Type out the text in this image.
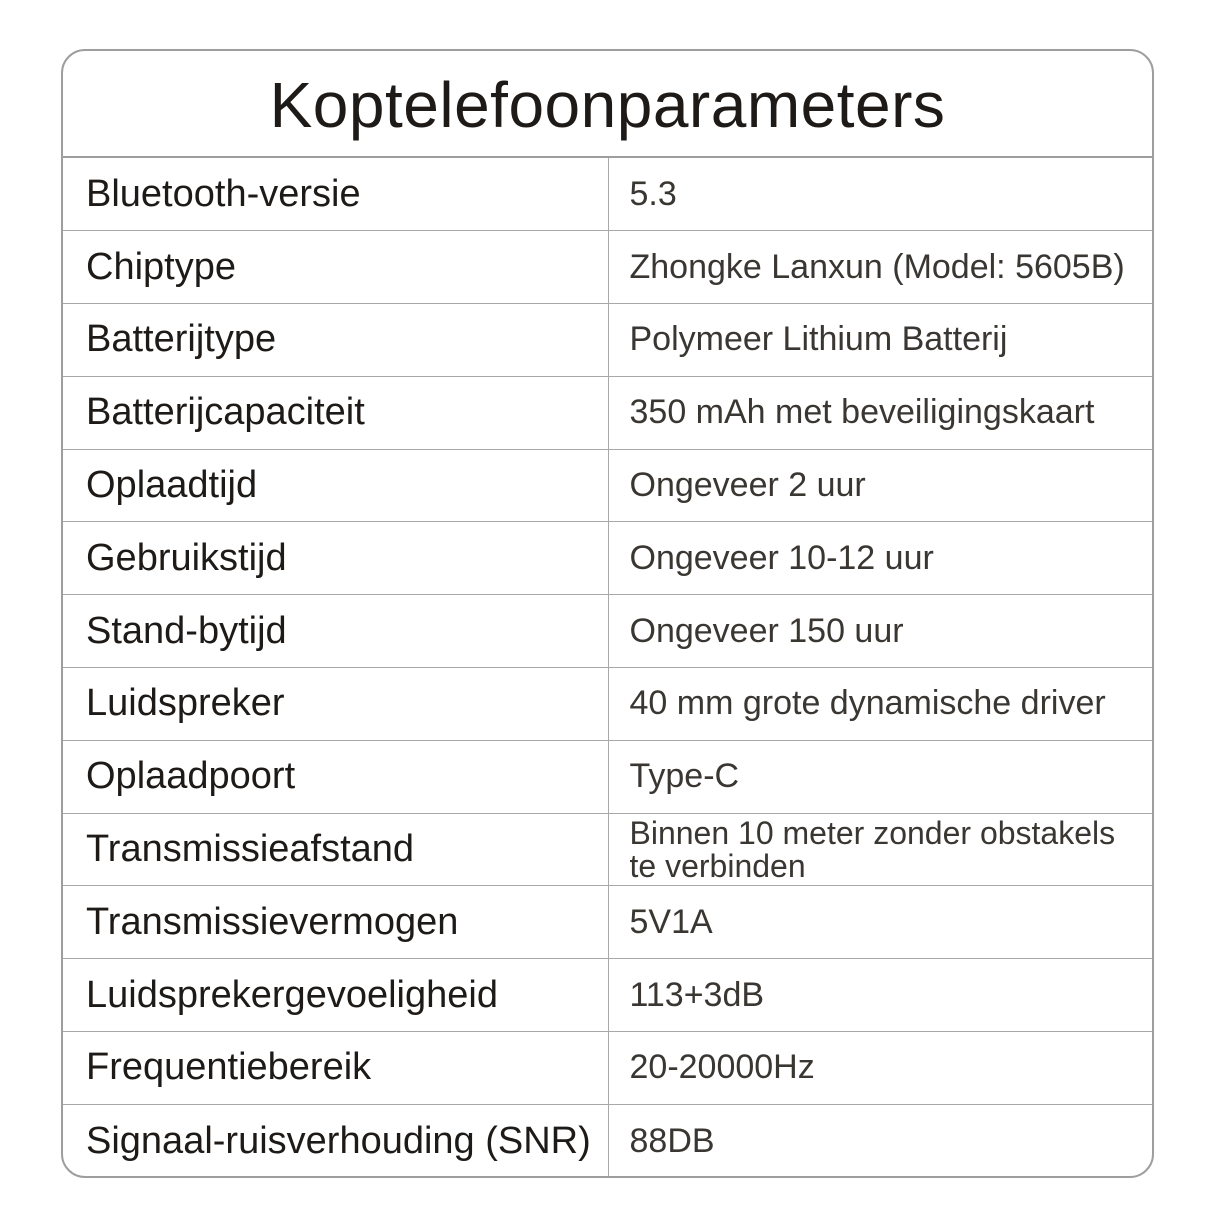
Koptelefoonparameters
Bluetooth-versie	5.3
Chiptype	Zhongke Lanxun (Model: 5605B)
Batterijtype	Polymeer Lithium Batterij
Batterijcapaciteit	350 mAh met beveiligingskaart
Oplaadtijd	Ongeveer 2 uur
Gebruikstijd	Ongeveer 10-12 uur
Stand-bytijd	Ongeveer 150 uur
Luidspreker	40 mm grote dynamische driver
Oplaadpoort	Type-C
Transmissieafstand	Binnen 10 meter zonder obstakels te verbinden
Transmissievermogen	5V1A
Luidsprekergevoeligheid	113+3dB
Frequentiebereik	20-20000Hz
Signaal-ruisverhouding (SNR)	88DB
